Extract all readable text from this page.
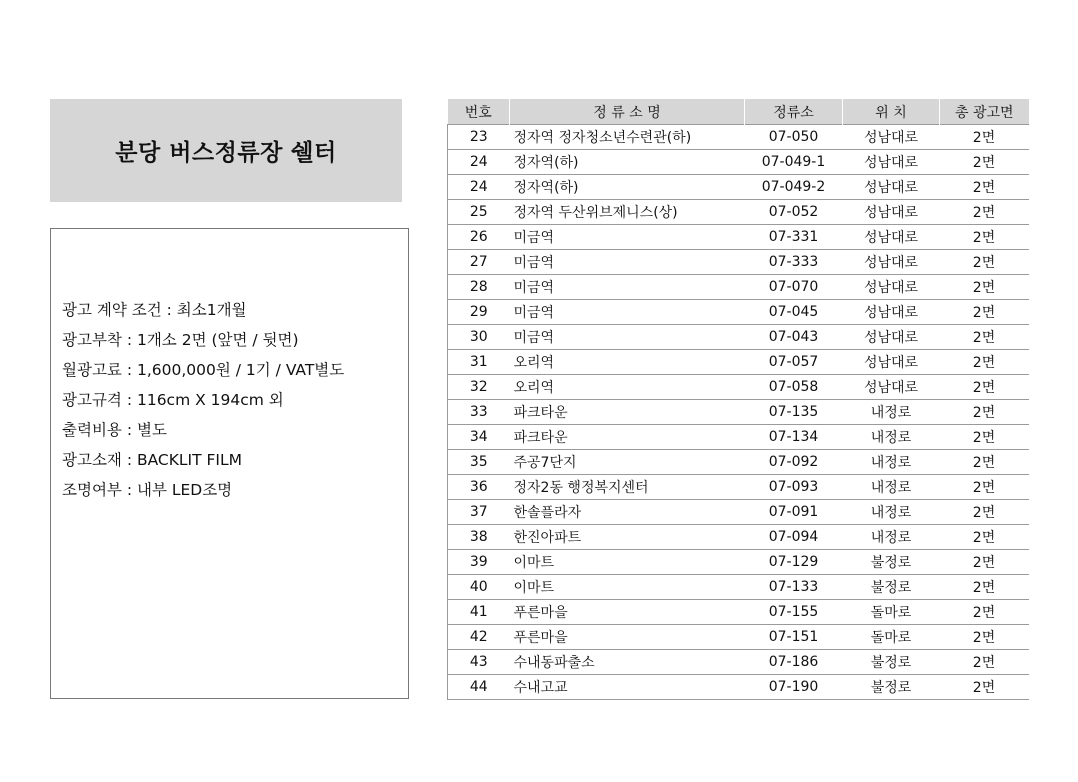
분당 버스정류장 쉘터
광고 계약 조건 : 최소1개월
광고부착 : 1개소 2면 (앞면 / 뒷면)
월광고료 : 1,600,000원 / 1기 / VAT별도
광고규격 : 116cm X 194cm 외
출력비용 : 별도
광고소재 : BACKLIT FILM
조명여부 : 내부 LED조명
번호	정 류 소 명	정류소	위 치	총 광고면
23	정자역 정자청소년수련관(하)	07-050	성남대로	2면
24	정자역(하)	07-049-1	성남대로	2면
24	정자역(하)	07-049-2	성남대로	2면
25	정자역 두산위브제니스(상)	07-052	성남대로	2면
26	미금역	07-331	성남대로	2면
27	미금역	07-333	성남대로	2면
28	미금역	07-070	성남대로	2면
29	미금역	07-045	성남대로	2면
30	미금역	07-043	성남대로	2면
31	오리역	07-057	성남대로	2면
32	오리역	07-058	성남대로	2면
33	파크타운	07-135	내정로	2면
34	파크타운	07-134	내정로	2면
35	주공7단지	07-092	내정로	2면
36	정자2동 행정복지센터	07-093	내정로	2면
37	한솔플라자	07-091	내정로	2면
38	한진아파트	07-094	내정로	2면
39	이마트	07-129	불정로	2면
40	이마트	07-133	불정로	2면
41	푸른마을	07-155	돌마로	2면
42	푸른마을	07-151	돌마로	2면
43	수내동파출소	07-186	불정로	2면
44	수내고교	07-190	불정로	2면
